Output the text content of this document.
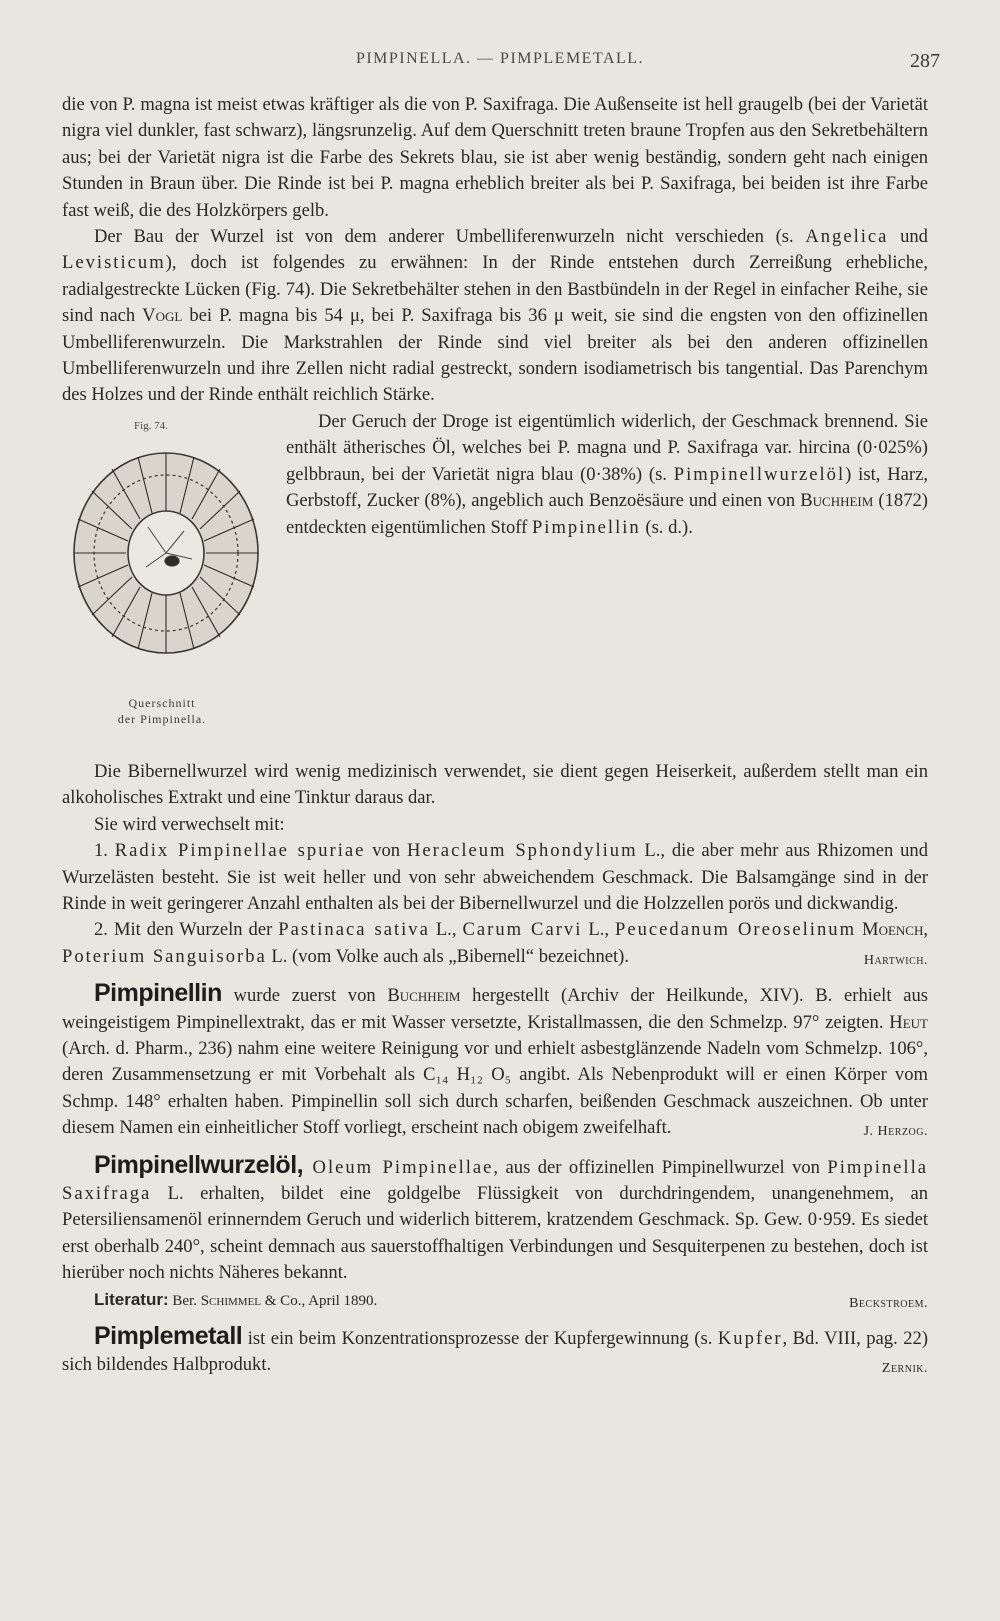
PIMPINELLA. — PIMPLEMETALL.	287

die von P. magna ist meist etwas kräftiger als die von P. Saxifraga. Die Außenseite ist hell graugelb (bei der Varietät nigra viel dunkler, fast schwarz), längsrunzelig. Auf dem Querschnitt treten braune Tropfen aus den Sekretbehältern aus; bei der Varietät nigra ist die Farbe des Sekrets blau, sie ist aber wenig beständig, sondern geht nach einigen Stunden in Braun über. Die Rinde ist bei P. magna erheblich breiter als bei P. Saxifraga, bei beiden ist ihre Farbe fast weiß, die des Holzkörpers gelb.

Der Bau der Wurzel ist von dem anderer Umbelliferenwurzeln nicht verschieden (s. Angelica und Levisticum), doch ist folgendes zu erwähnen: In der Rinde entstehen durch Zerreißung erhebliche, radialgestreckte Lücken (Fig. 74). Die Sekretbehälter stehen in den Bastbündeln in der Regel in einfacher Reihe, sie sind nach Vogl bei P. magna bis 54 μ, bei P. Saxifraga bis 36 μ weit, sie sind die engsten von den offizinellen Umbelliferenwurzeln. Die Markstrahlen der Rinde sind viel breiter als bei den anderen offizinellen Umbelliferenwurzeln und ihre Zellen nicht radial gestreckt, sondern isodiametrisch bis tangential. Das Parenchym des Holzes und der Rinde enthält reichlich Stärke.

Fig. 74.
Querschnitt
der Pimpinella.

Der Geruch der Droge ist eigentümlich widerlich, der Geschmack brennend. Sie enthält ätherisches Öl, welches bei P. magna und P. Saxifraga var. hircina (0·025%) gelbbraun, bei der Varietät nigra blau (0·38%) (s. Pimpinellwurzelöl) ist, Harz, Gerbstoff, Zucker (8%), angeblich auch Benzoësäure und einen von Buchheim (1872) entdeckten eigentümlichen Stoff Pimpinellin (s. d.).

Die Bibernellwurzel wird wenig medizinisch verwendet, sie dient gegen Heiserkeit, außerdem stellt man ein alkoholisches Extrakt und eine Tinktur daraus dar.

Sie wird verwechselt mit:

1. Radix Pimpinellae spuriae von Heracleum Sphondylium L., die aber mehr aus Rhizomen und Wurzelästen besteht. Sie ist weit heller und von sehr abweichendem Geschmack. Die Balsamgänge sind in der Rinde in weit geringerer Anzahl enthalten als bei der Bibernellwurzel und die Holzzellen porös und dickwandig.

2. Mit den Wurzeln der Pastinaca sativa L., Carum Carvi L., Peucedanum Oreoselinum Moench, Poterium Sanguisorba L. (vom Volke auch als „Bibernell“ bezeichnet).	Hartwich.

Pimpinellin wurde zuerst von Buchheim hergestellt (Archiv der Heilkunde, XIV). B. erhielt aus weingeistigem Pimpinellextrakt, das er mit Wasser versetzte, Kristallmassen, die den Schmelzp. 97° zeigten. Heut (Arch. d. Pharm., 236) nahm eine weitere Reinigung vor und erhielt asbestglänzende Nadeln vom Schmelzp. 106°, deren Zusammensetzung er mit Vorbehalt als C₁₄ H₁₂ O₅ angibt. Als Nebenprodukt will er einen Körper vom Schmp. 148° erhalten haben. Pimpinellin soll sich durch scharfen, beißenden Geschmack auszeichnen. Ob unter diesem Namen ein einheitlicher Stoff vorliegt, erscheint nach obigem zweifelhaft.	J. Herzog.

Pimpinellwurzelöl, Oleum Pimpinellae, aus der offizinellen Pimpinellwurzel von Pimpinella Saxifraga L. erhalten, bildet eine goldgelbe Flüssigkeit von durchdringendem, unangenehmem, an Petersiliensamenöl erinnerndem Geruch und widerlich bitterem, kratzendem Geschmack. Sp. Gew. 0·959. Es siedet erst oberhalb 240°, scheint demnach aus sauerstoffhaltigen Verbindungen und Sesquiterpenen zu bestehen, doch ist hierüber noch nichts Näheres bekannt.

Literatur: Ber. Schimmel & Co., April 1890.	Beckstroem.

Pimplemetall ist ein beim Konzentrationsprozesse der Kupfergewinnung (s. Kupfer, Bd. VIII, pag. 22) sich bildendes Halbprodukt.	Zernik.
